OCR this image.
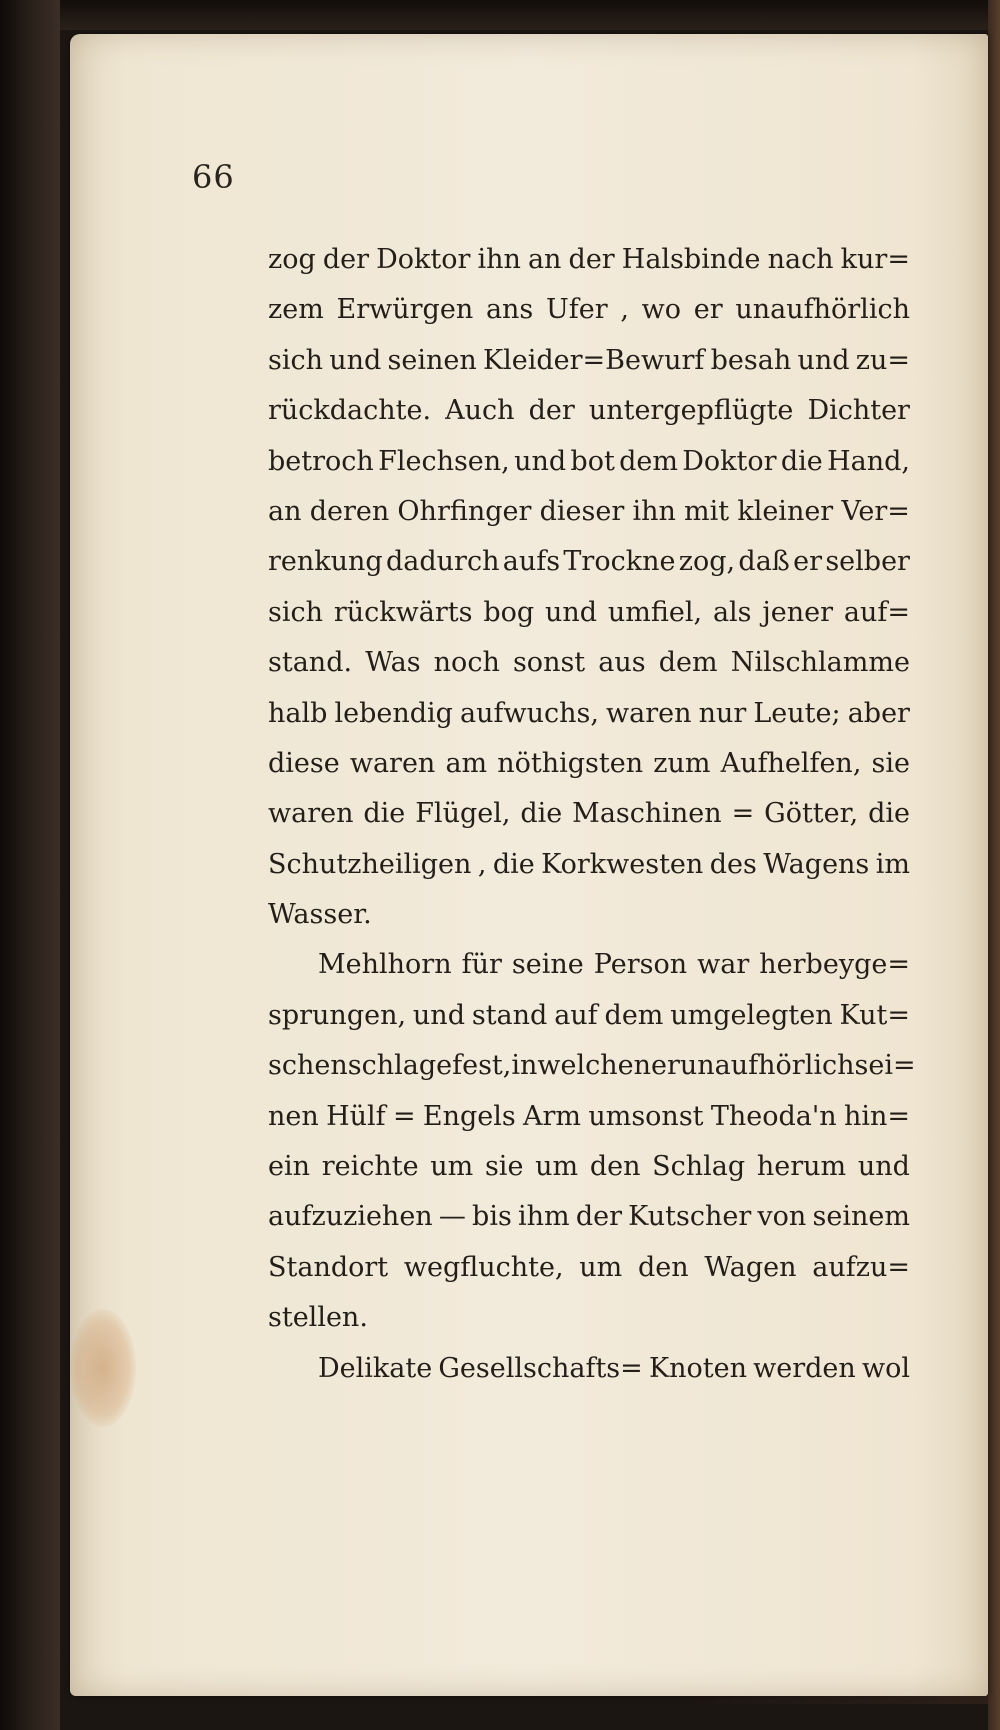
66
zog der Doktor ihn an der Halsbinde nach kur=
zem Erwürgen ans Ufer , wo er unaufhörlich
sich und seinen Kleider=Bewurf besah und zu=
rückdachte. Auch der untergepflügte Dichter
betroch Flechsen, und bot dem Doktor die Hand,
an deren Ohrfinger dieser ihn mit kleiner Ver=
renkung dadurch aufs Trockne zog, daß er selber
sich rückwärts bog und umfiel, als jener auf=
stand. Was noch sonst aus dem Nilschlamme
halb lebendig aufwuchs, waren nur Leute; aber
diese waren am nöthigsten zum Aufhelfen, sie
waren die Flügel, die Maschinen = Götter, die
Schutzheiligen , die Korkwesten des Wagens im
Wasser.
Mehlhorn für seine Person war herbeyge=
sprungen, und stand auf dem umgelegten Kut=
schenschlage fest, in welchen er unaufhörlich sei=
nen Hülf = Engels Arm umsonst Theoda'n hin=
ein reichte um sie um den Schlag herum und
aufzuziehen — bis ihm der Kutscher von seinem
Standort wegfluchte, um den Wagen aufzu=
stellen.
Delikate Gesellschafts= Knoten werden wol
